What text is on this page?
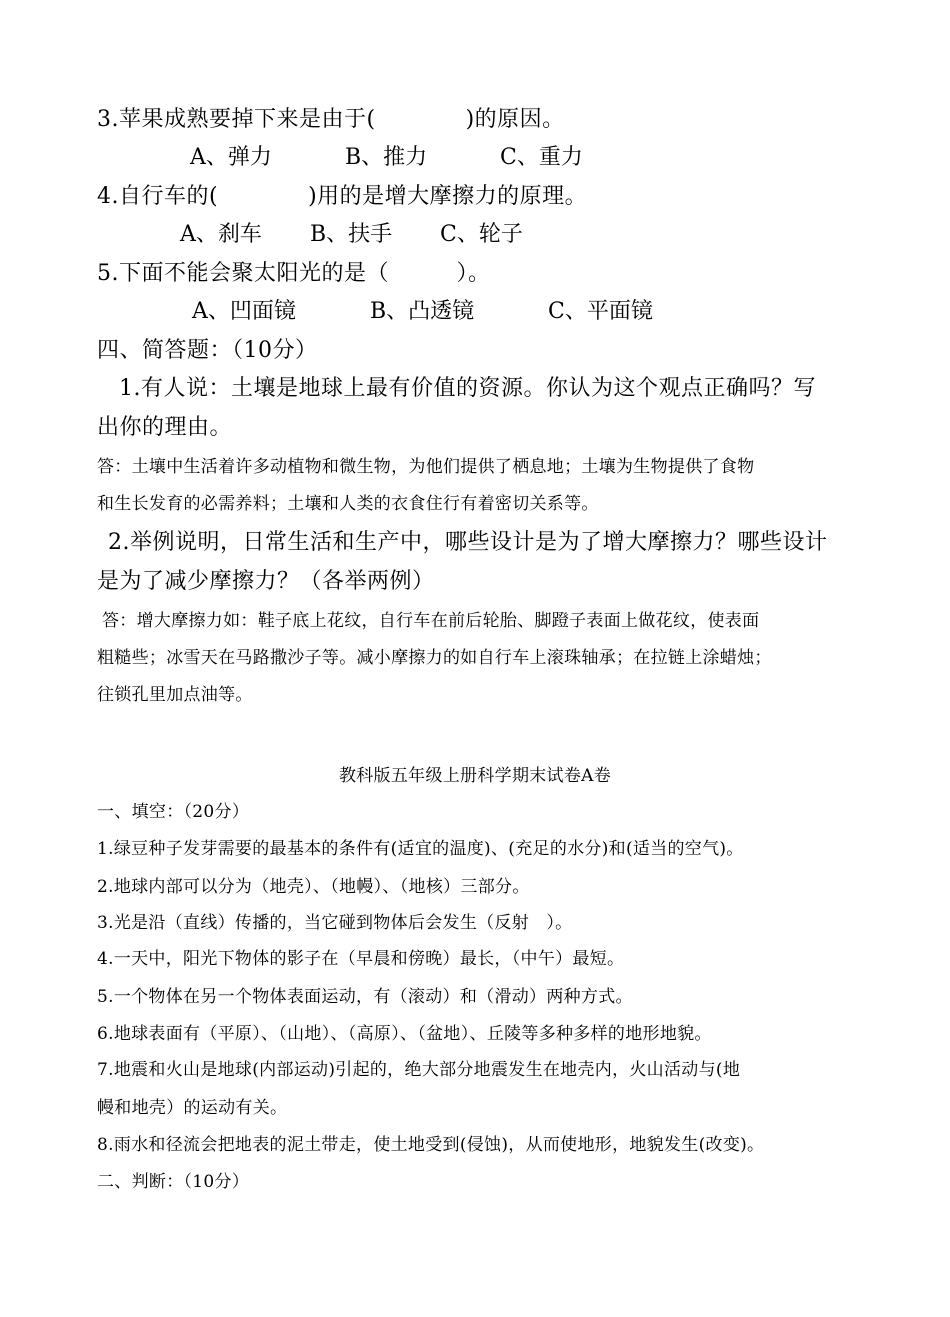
3.苹果成熟要掉下来是由于(　　　　)的原因。
A、弹力	B、推力	C、重力
4.自行车的(　　　　)用的是增大摩擦力的原理。
A、刹车 B、扶手 C、轮子
5.下面不能会聚太阳光的是（　　　）。
A、凹面镜	B、凸透镜	C、平面镜
四、简答题：（10分）
1.有人说：土壤是地球上最有价值的资源。你认为这个观点正确吗？写
出你的理由。
答：土壤中生活着许多动植物和微生物，为他们提供了栖息地；土壤为生物提供了食物
和生长发育的必需养料；土壤和人类的衣食住行有着密切关系等。
2.举例说明，日常生活和生产中，哪些设计是为了增大摩擦力？哪些设计
是为了减少摩擦力？（各举两例）
答：增大摩擦力如：鞋子底上花纹，自行车在前后轮胎、脚蹬子表面上做花纹，使表面
粗糙些；冰雪天在马路撒沙子等。减小摩擦力的如自行车上滚珠轴承；在拉链上涂蜡烛；
往锁孔里加点油等。
教科版五年级上册科学期末试卷A卷
一、填空：（20分）
1.绿豆种子发芽需要的最基本的条件有(适宜的温度)、(充足的水分)和(适当的空气)。
2.地球内部可以分为（地壳）、（地幔）、（地核）三部分。
3.光是沿（直线）传播的，当它碰到物体后会发生（反射　）。
4.一天中，阳光下物体的影子在（早晨和傍晚）最长，（中午）最短。
5.一个物体在另一个物体表面运动，有（滚动）和（滑动）两种方式。
6.地球表面有（平原）、（山地）、（高原）、（盆地）、丘陵等多种多样的地形地貌。
7.地震和火山是地球(内部运动)引起的，绝大部分地震发生在地壳内，火山活动与(地
幔和地壳）的运动有关。
8.雨水和径流会把地表的泥土带走，使土地受到(侵蚀)，从而使地形，地貌发生(改变)。
二、判断：（10分）
